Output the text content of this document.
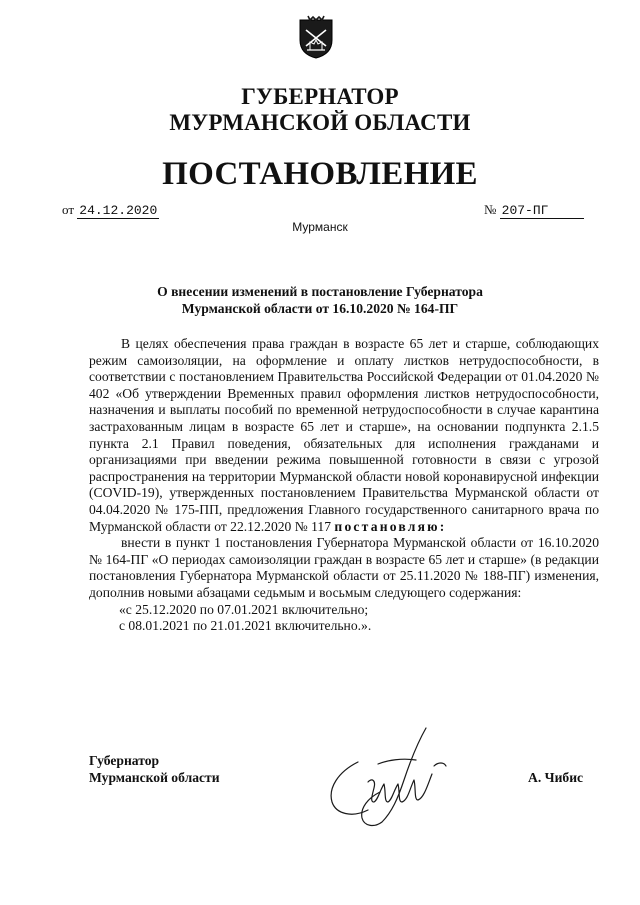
ГУБЕРНАТОР
МУРМАНСКОЙ ОБЛАСТИ
ПОСТАНОВЛЕНИЕ
от 24.12.2020	№ 207-ПГ
Мурманск
О внесении изменений в постановление Губернатора
Мурманской области от 16.10.2020 № 164-ПГ

В целях обеспечения права граждан в возрасте 65 лет и старше, соблюдающих режим самоизоляции, на оформление и оплату листков нетрудоспособности, в соответствии с постановлением Правительства Российской Федерации от 01.04.2020 № 402 «Об утверждении Временных правил оформления листков нетрудоспособности, назначения и выплаты пособий по временной нетрудоспособности в случае карантина застрахованным лицам в возрасте 65 лет и старше», на основании подпункта 2.1.5 пункта 2.1 Правил поведения, обязательных для исполнения гражданами и организациями при введении режима повышенной готовности в связи с угрозой распространения на территории Мурманской области новой коронавирусной инфекции (COVID-19), утвержденных постановлением Правительства Мурманской области от 04.04.2020 № 175-ПП, предложения Главного государственного санитарного врача по Мурманской области от 22.12.2020 № 117 постановляю:

внести в пункт 1 постановления Губернатора Мурманской области от 16.10.2020 № 164-ПГ «О периодах самоизоляции граждан в возрасте 65 лет и старше» (в редакции постановления Губернатора Мурманской области от 25.11.2020 № 188-ПГ) изменения, дополнив новыми абзацами седьмым и восьмым следующего содержания:

«с 25.12.2020 по 07.01.2021 включительно;

с 08.01.2021 по 21.01.2021 включительно.».

Губернатор
Мурманской области	А. Чибис
